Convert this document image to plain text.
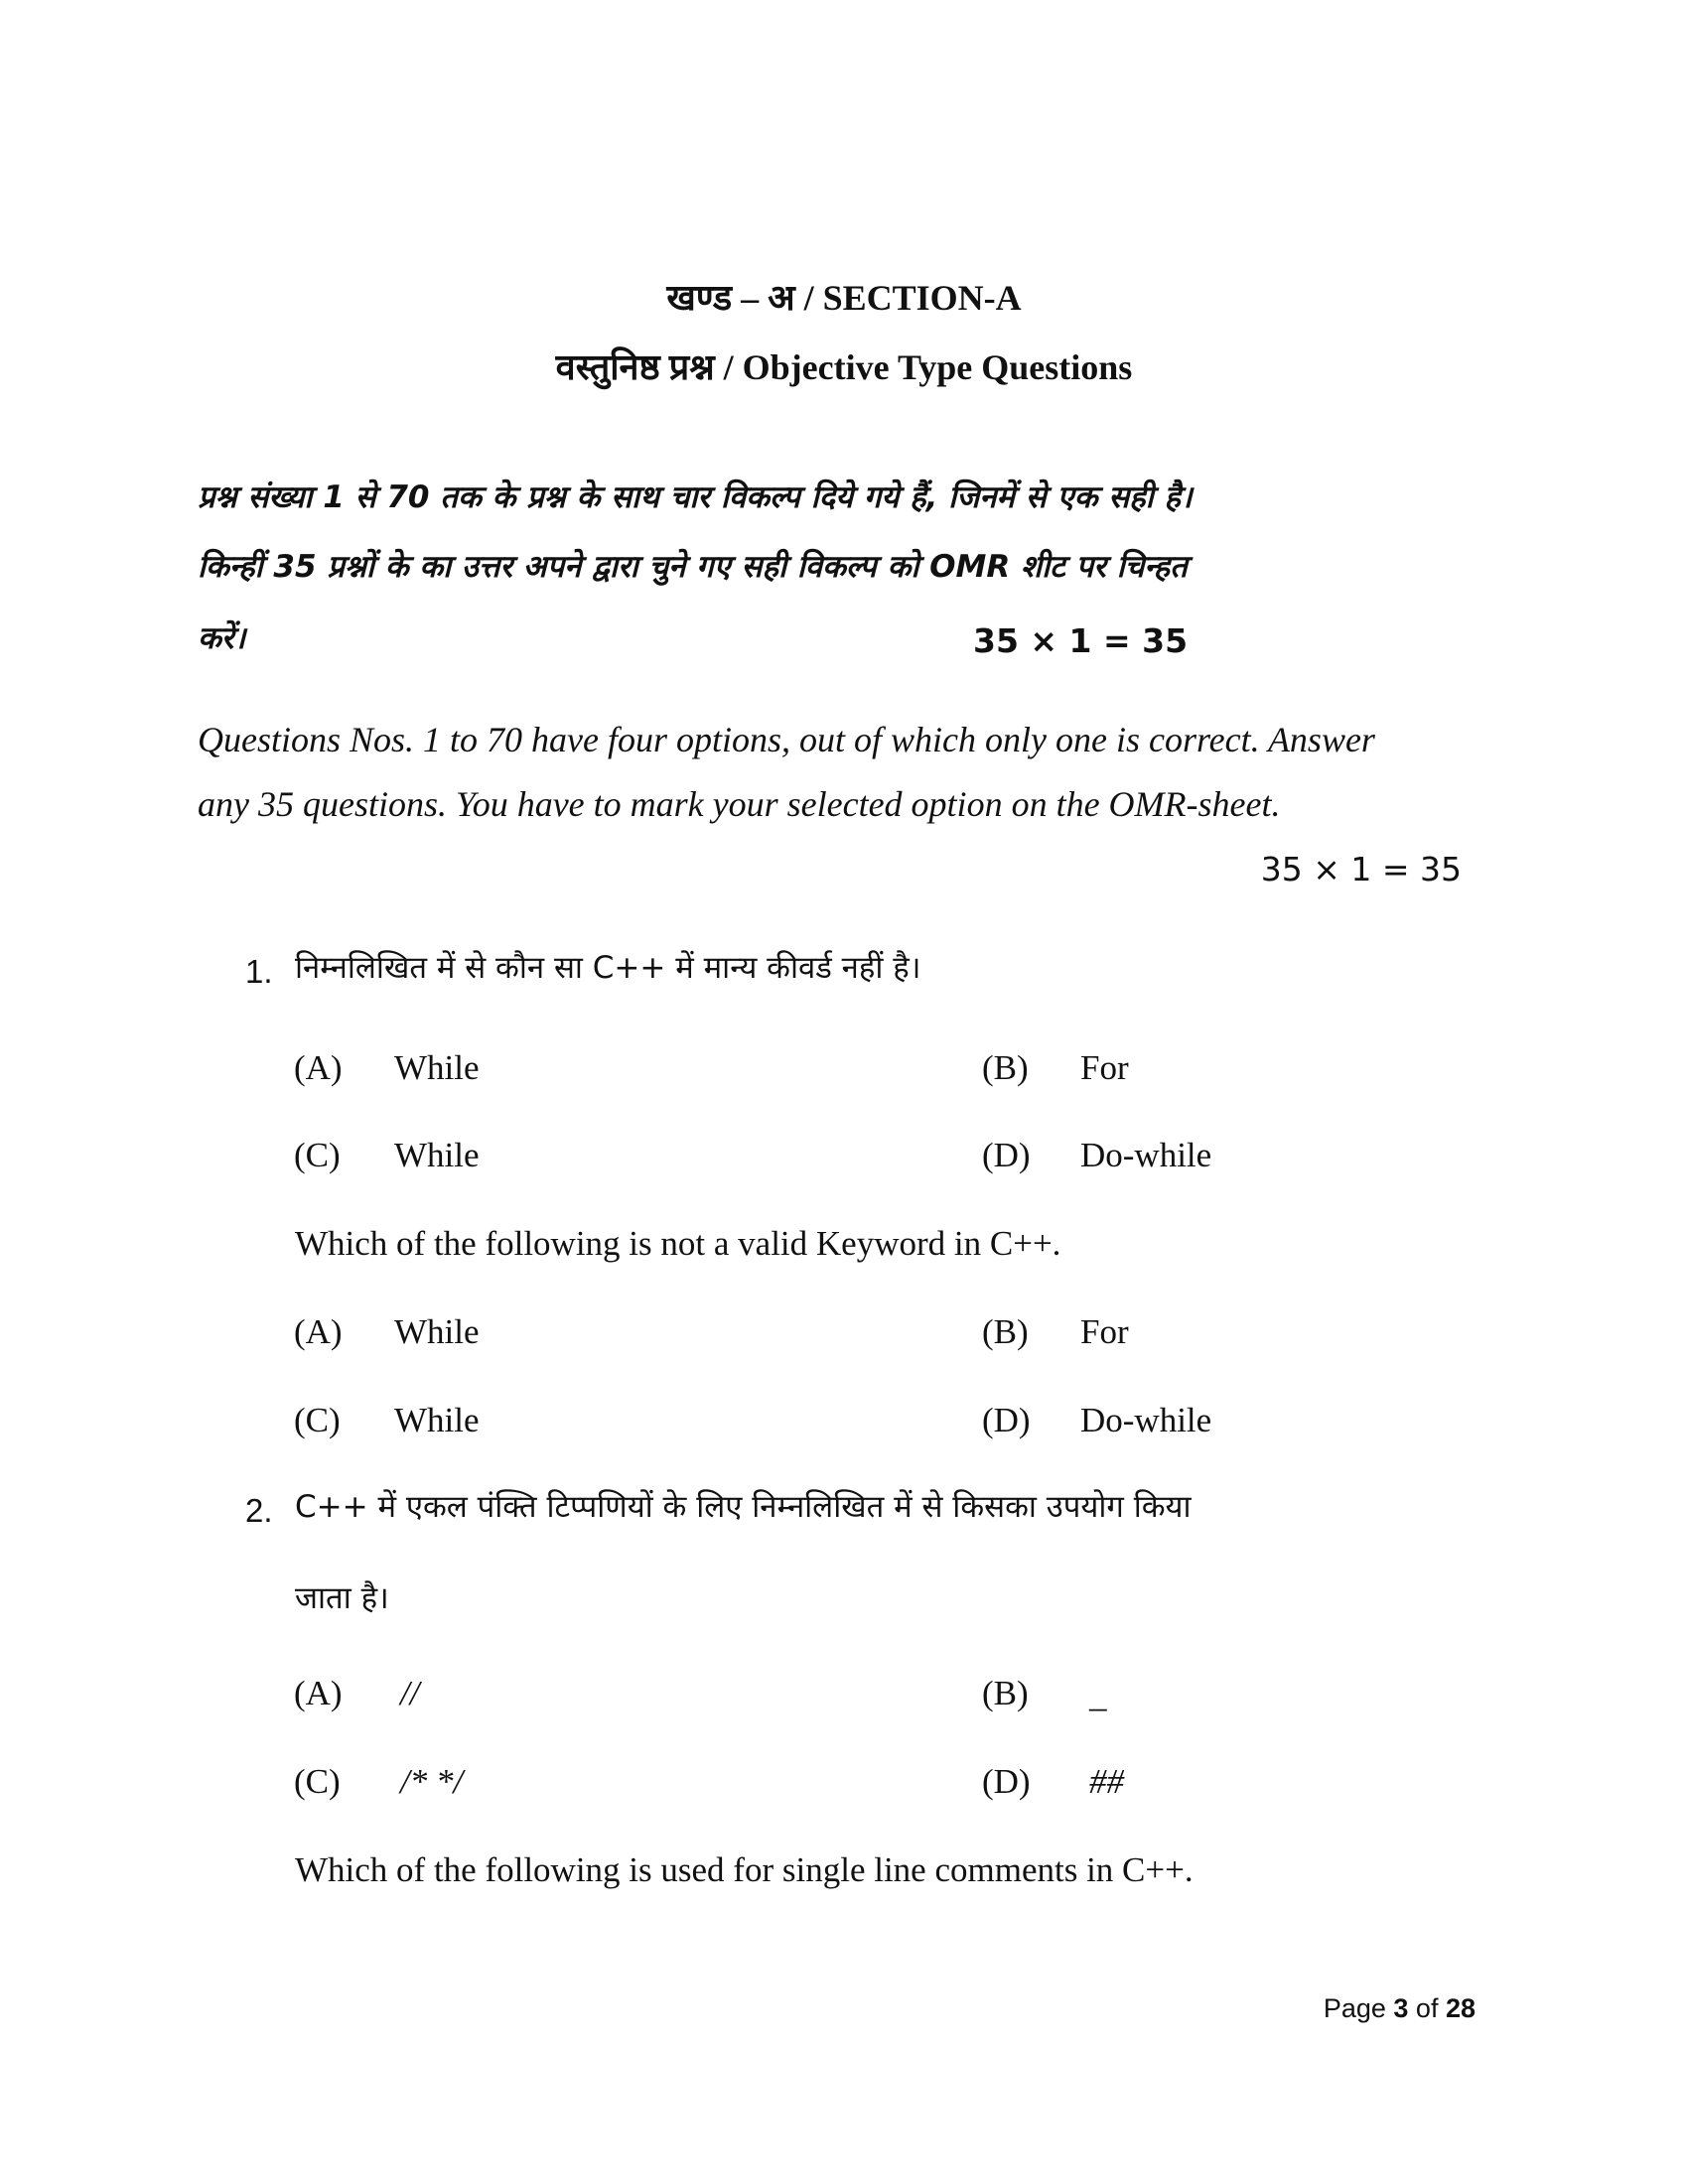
खण्ड – अ / SECTION-A
वस्तुनिष्ठ प्रश्न / Objective Type Questions
प्रश्न संख्या 1 से 70 तक के प्रश्न के साथ चार विकल्प दिये गये हैं, जिनमें से एक सही है।
किन्हीं 35 प्रश्नों के का उत्तर अपने द्वारा चुने गए सही विकल्प को OMR शीट पर चिन्हत
करें।	35 × 1 = 35
Questions Nos. 1 to 70 have four options, out of which only one is correct. Answer
any 35 questions. You have to mark your selected option on the OMR-sheet.
35 × 1 = 35
1. निम्नलिखित में से कौन सा C++ में मान्य कीवर्ड नहीं है।
(A) While	(B) For
(C) While	(D) Do-while
Which of the following is not a valid Keyword in C++.
(A) While	(B) For
(C) While	(D) Do-while
2. C++ में एकल पंक्ति टिप्पणियों के लिए निम्नलिखित में से किसका उपयोग किया
जाता है।
(A) //	(B) _
(C) /* */	(D) ##
Which of the following is used for single line comments in C++.
Page 3 of 28
